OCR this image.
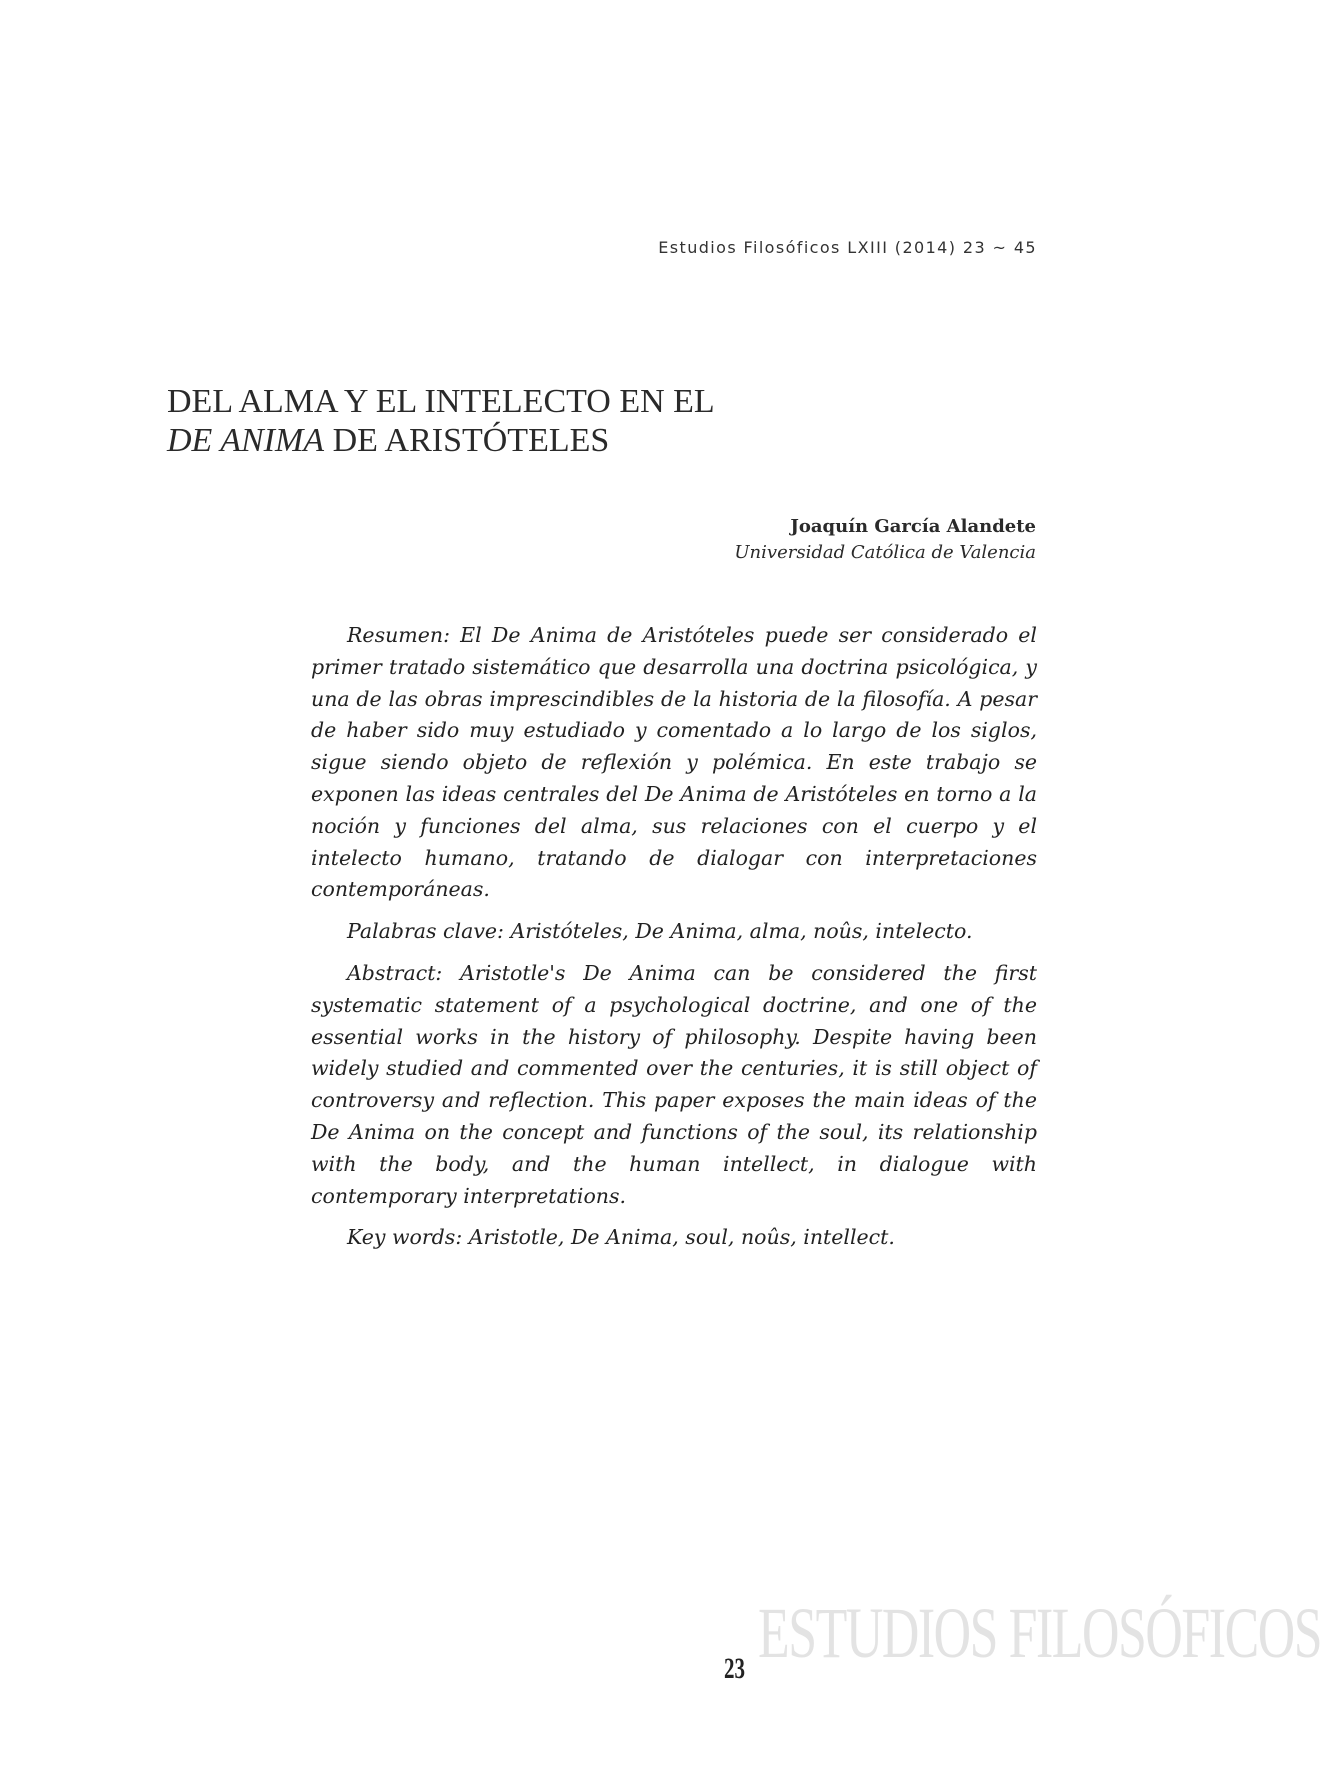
Estudios Filosóficos LXIII (2014) 23 ~ 45
DEL ALMA Y EL INTELECTO EN EL
DE ANIMA DE ARISTÓTELES
Joaquín García Alandete
Universidad Católica de Valencia

Resumen: El De Anima de Aristóteles puede ser considerado el primer tratado sistemático que desarrolla una doctrina psicológica, y una de las obras imprescindibles de la historia de la filosofía. A pesar de haber sido muy estudiado y comentado a lo largo de los siglos, sigue siendo objeto de reflexión y polémica. En este trabajo se exponen las ideas centrales del De Anima de Aristóteles en torno a la noción y funciones del alma, sus relaciones con el cuerpo y el intelecto humano, tratando de dialogar con interpretaciones contemporáneas.

Palabras clave: Aristóteles, De Anima, alma, noûs, intelecto.

Abstract: Aristotle's De Anima can be considered the first systematic statement of a psychological doctrine, and one of the essential works in the history of philosophy. Despite having been widely studied and commented over the centuries, it is still object of controversy and reflection. This paper exposes the main ideas of the De Anima on the concept and functions of the soul, its relationship with the body, and the human intellect, in dialogue with contemporary interpretations.

Key words: Aristotle, De Anima, soul, noûs, intellect.

ESTUDIOS FILOSÓFICOS
23
